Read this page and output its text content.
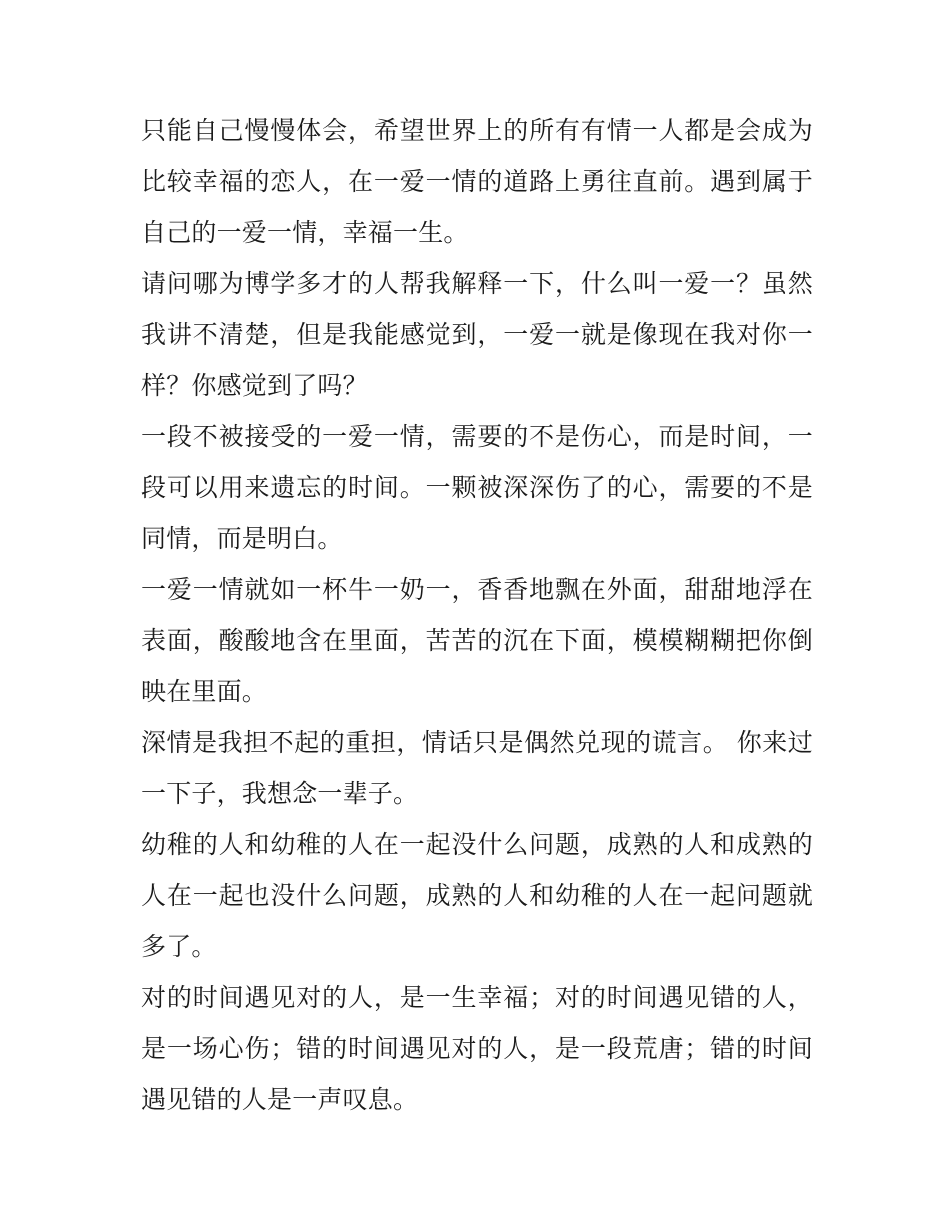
只能自己慢慢体会，希望世界上的所有有情一人都是会成为比较幸福的恋人，在一爱一情的道路上勇往直前。遇到属于自己的一爱一情，幸福一生。

请问哪为博学多才的人帮我解释一下，什么叫一爱一？虽然我讲不清楚，但是我能感觉到，一爱一就是像现在我对你一样？你感觉到了吗？

一段不被接受的一爱一情，需要的不是伤心，而是时间，一段可以用来遗忘的时间。一颗被深深伤了的心，需要的不是同情，而是明白。

一爱一情就如一杯牛一奶一，香香地飘在外面，甜甜地浮在表面，酸酸地含在里面，苦苦的沉在下面，模模糊糊把你倒映在里面。

深情是我担不起的重担，情话只是偶然兑现的谎言。 你来过一下子，我想念一辈子。

幼稚的人和幼稚的人在一起没什么问题，成熟的人和成熟的人在一起也没什么问题，成熟的人和幼稚的人在一起问题就多了。

对的时间遇见对的人，是一生幸福；对的时间遇见错的人，是一场心伤；错的时间遇见对的人，是一段荒唐；错的时间遇见错的人是一声叹息。
